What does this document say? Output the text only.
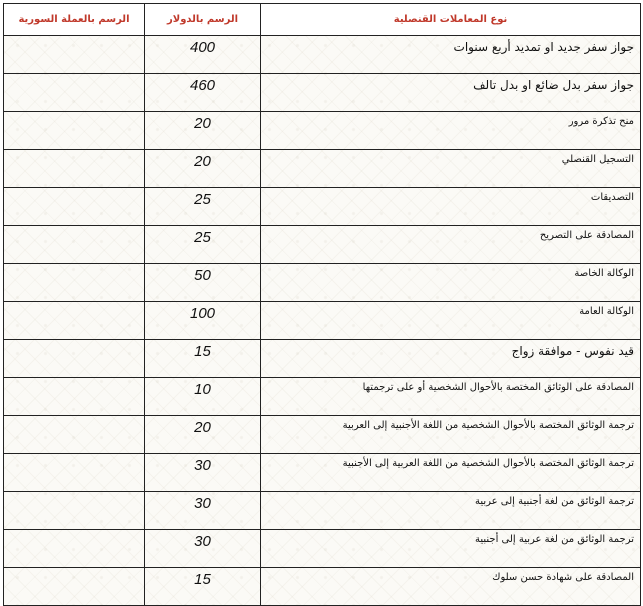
نوع المعاملات القنصلية	الرسم بالدولار	الرسم بالعملة السورية
جواز سفر جديد او تمديد أربع سنوات	400	
جواز سفر بدل ضائع او بدل تالف	460	
منح تذكرة مرور	20	
التسجيل القنصلي	20	
التصديقات	25	
المصادقة على التصريح	25	
الوكالة الخاصة	50	
الوكالة العامة	100	
قيد نفوس - موافقة زواج	15	
المصادقة على الوثائق المختصة بالأحوال الشخصية أو على ترجمتها	10	
ترجمة الوثائق المختصة بالأحوال الشخصية من اللغة الأجنبية إلى العربية	20	
ترجمة الوثائق المختصة بالأحوال الشخصية من اللغة العربية إلى الأجنبية	30	
ترجمة الوثائق من لغة أجنبية إلى عربية	30	
ترجمة الوثائق من لغة عربية إلى أجنبية	30	
المصادقة على شهادة حسن سلوك	15	
